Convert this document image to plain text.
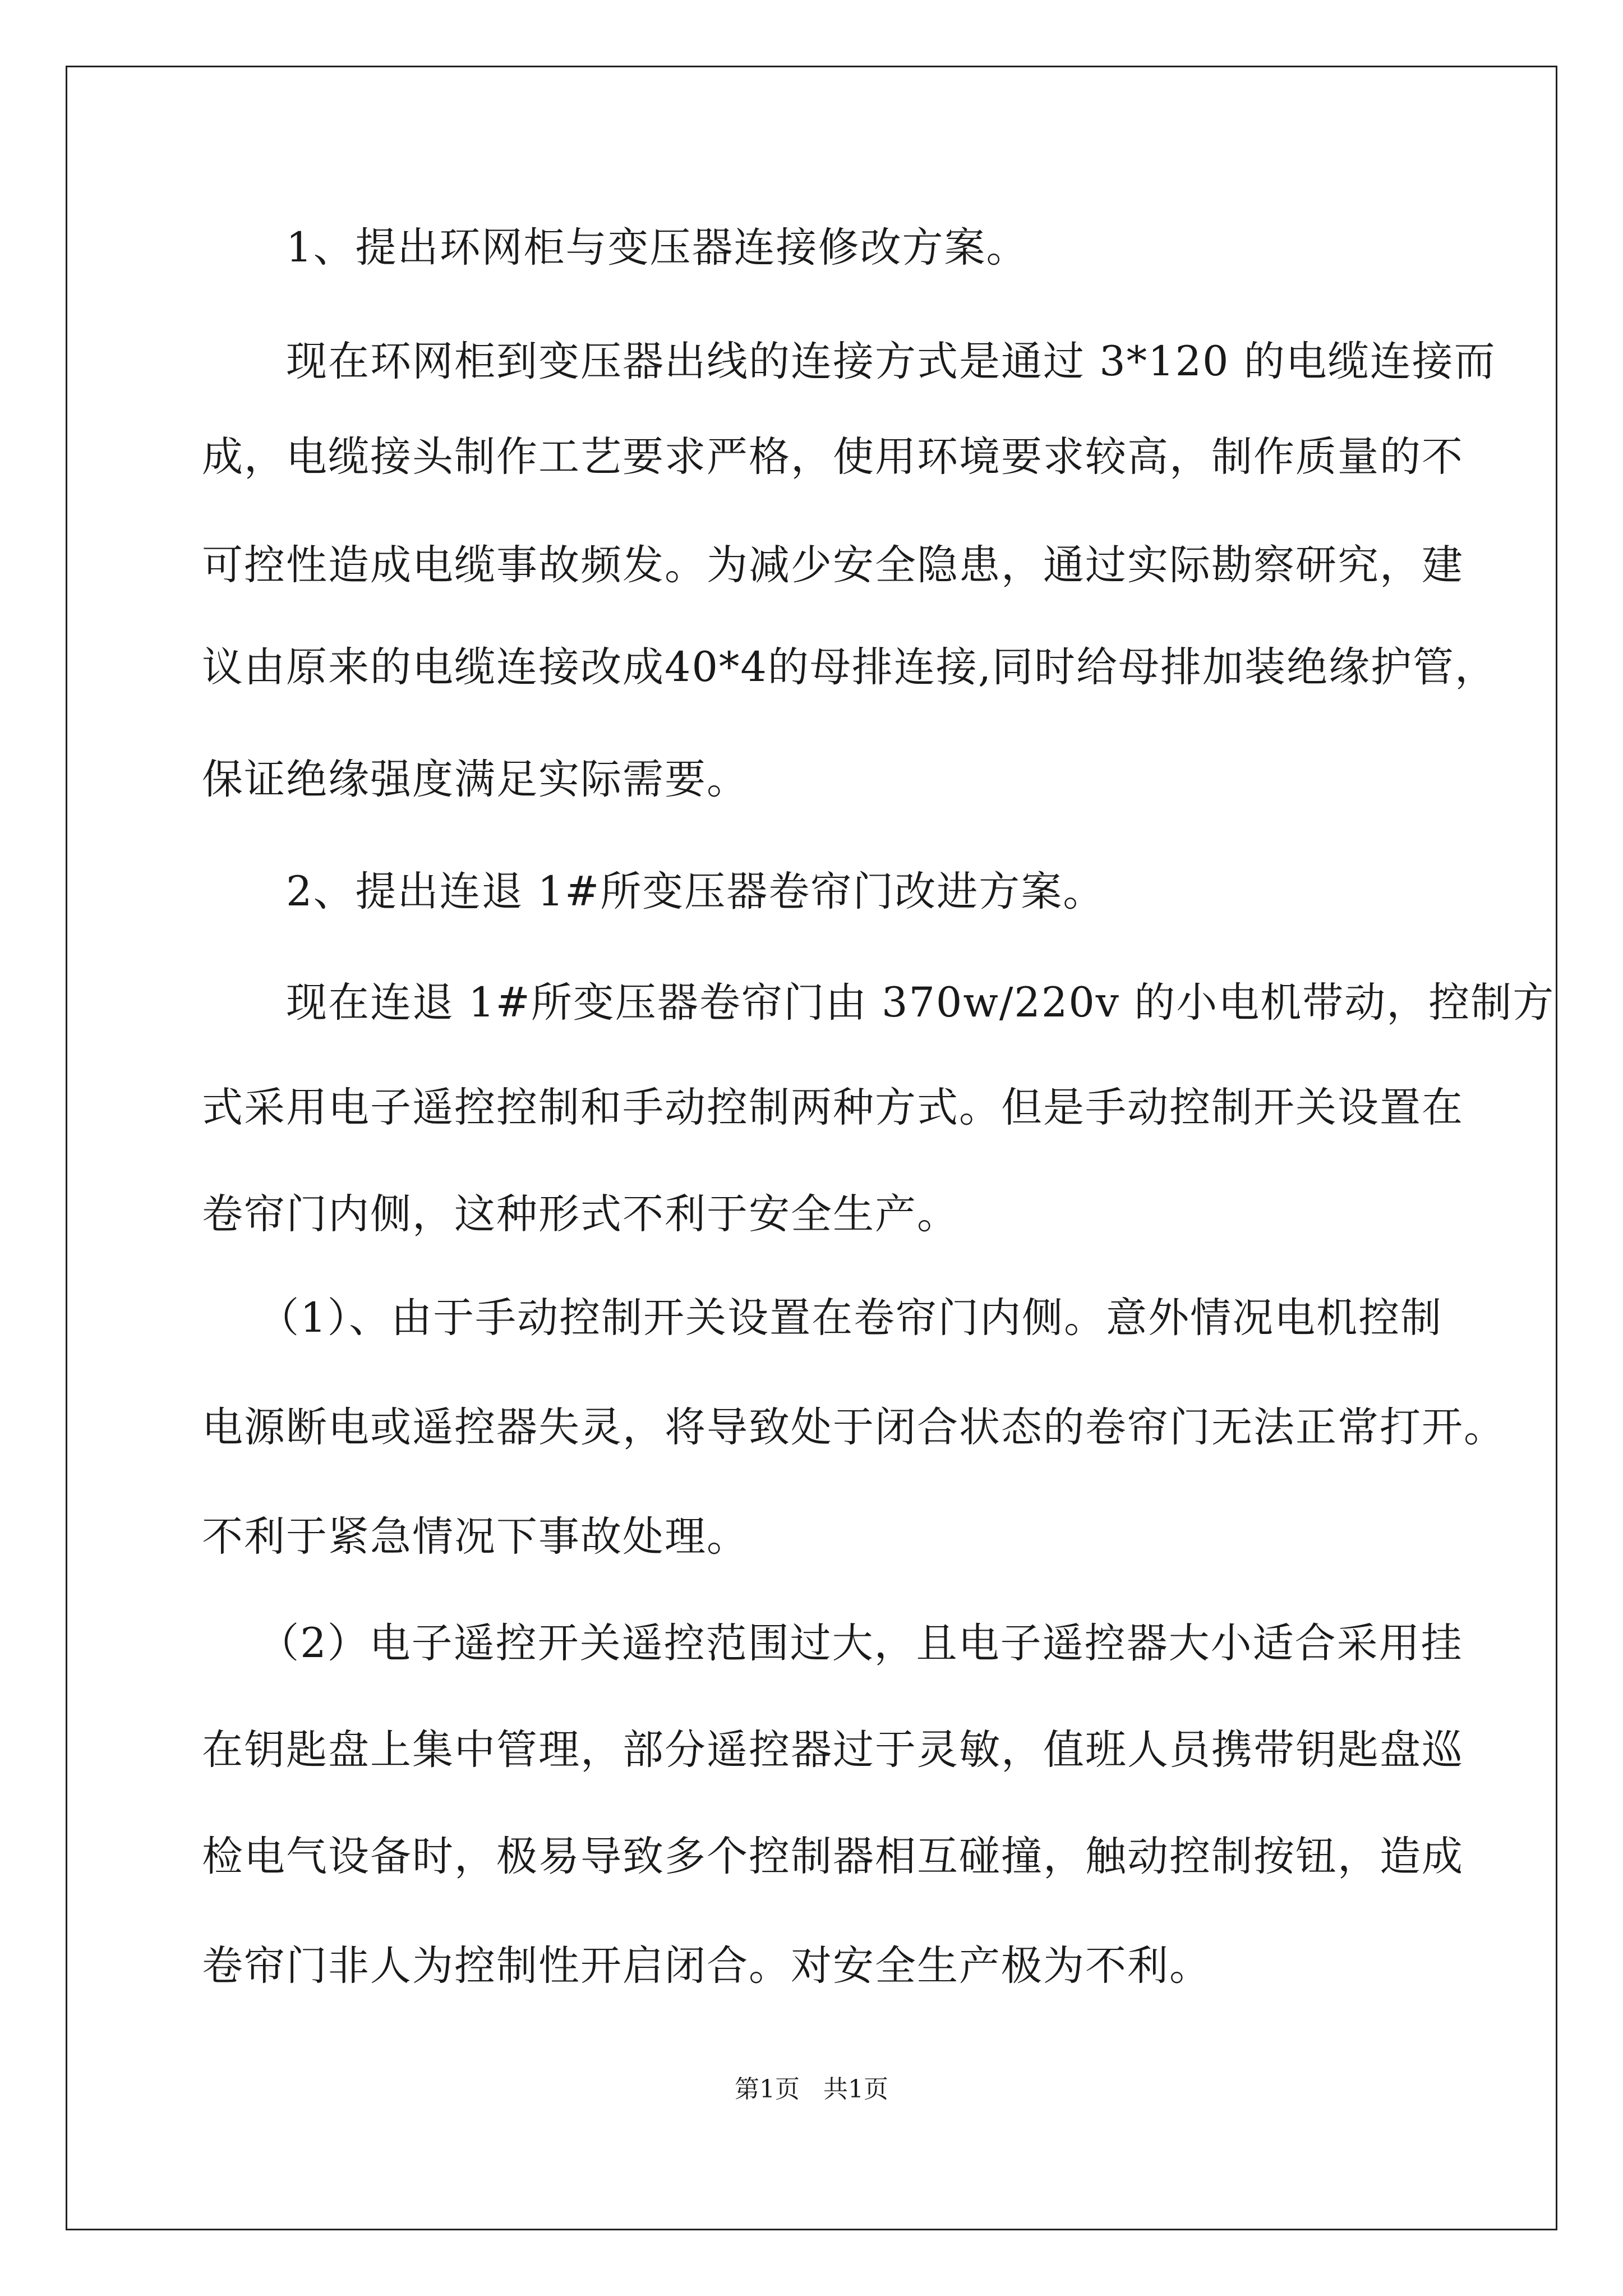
　　1、提出环网柜与变压器连接修改方案。

　　现在环网柜到变压器出线的连接方式是通过 3*120 的电缆连接而

成，电缆接头制作工艺要求严格，使用环境要求较高，制作质量的不

可控性造成电缆事故频发。为减少安全隐患，通过实际勘察研究，建

议由原来的电缆连接改成40*4的母排连接,同时给母排加装绝缘护管，

保证绝缘强度满足实际需要。

　　2、提出连退 1#所变压器卷帘门改进方案。

　　现在连退 1#所变压器卷帘门由 370w/220v 的小电机带动，控制方

式采用电子遥控控制和手动控制两种方式。但是手动控制开关设置在

卷帘门内侧，这种形式不利于安全生产。

　 （1）、由于手动控制开关设置在卷帘门内侧。意外情况电机控制

电源断电或遥控器失灵，将导致处于闭合状态的卷帘门无法正常打开。

不利于紧急情况下事故处理。

　 （2）电子遥控开关遥控范围过大，且电子遥控器大小适合采用挂

在钥匙盘上集中管理，部分遥控器过于灵敏，值班人员携带钥匙盘巡

检电气设备时，极易导致多个控制器相互碰撞，触动控制按钮，造成

卷帘门非人为控制性开启闭合。对安全生产极为不利。

第1页 共1页
